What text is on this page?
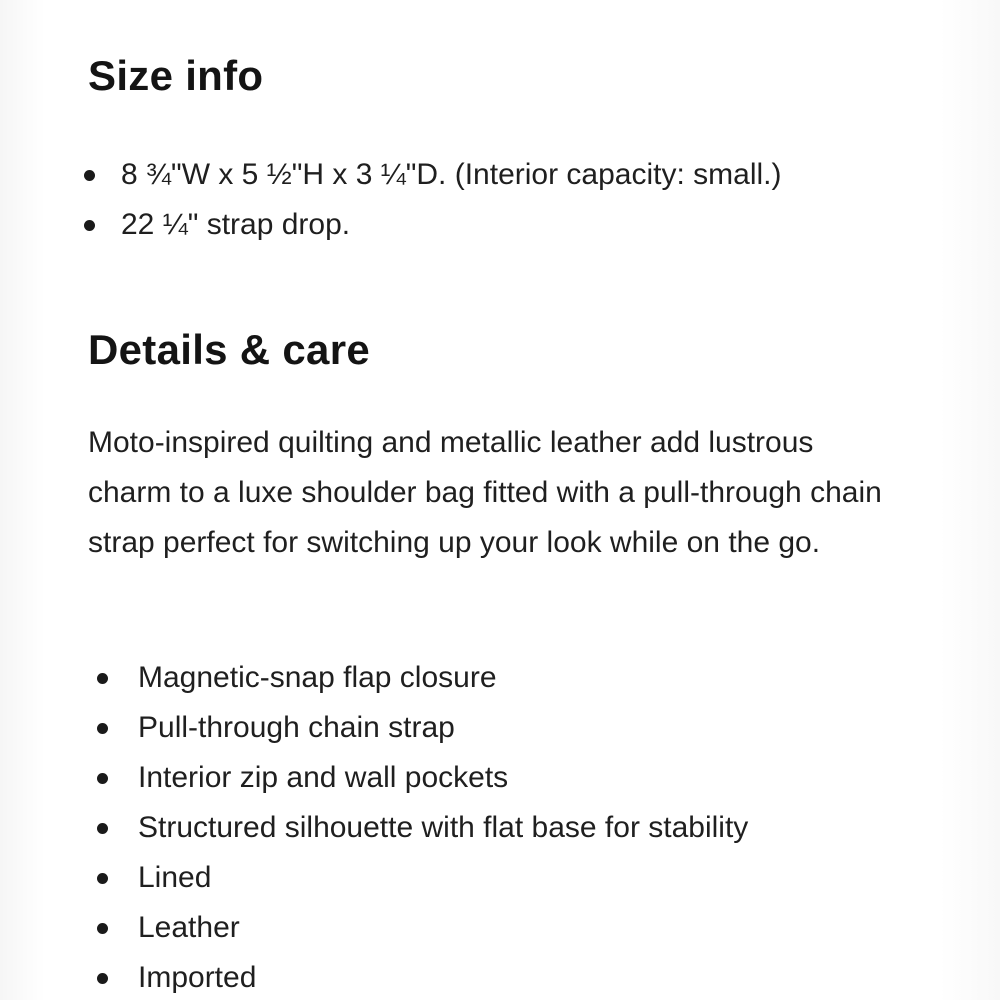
Size info
8 ¾"W x 5 ½"H x 3 ¼"D. (Interior capacity: small.)
22 ¼" strap drop.
Details & care

Moto-inspired quilting and metallic leather add lustrous charm to a luxe shoulder bag fitted with a pull-through chain strap perfect for switching up your look while on the go.

Magnetic-snap flap closure
Pull-through chain strap
Interior zip and wall pockets
Structured silhouette with flat base for stability
Lined
Leather
Imported
